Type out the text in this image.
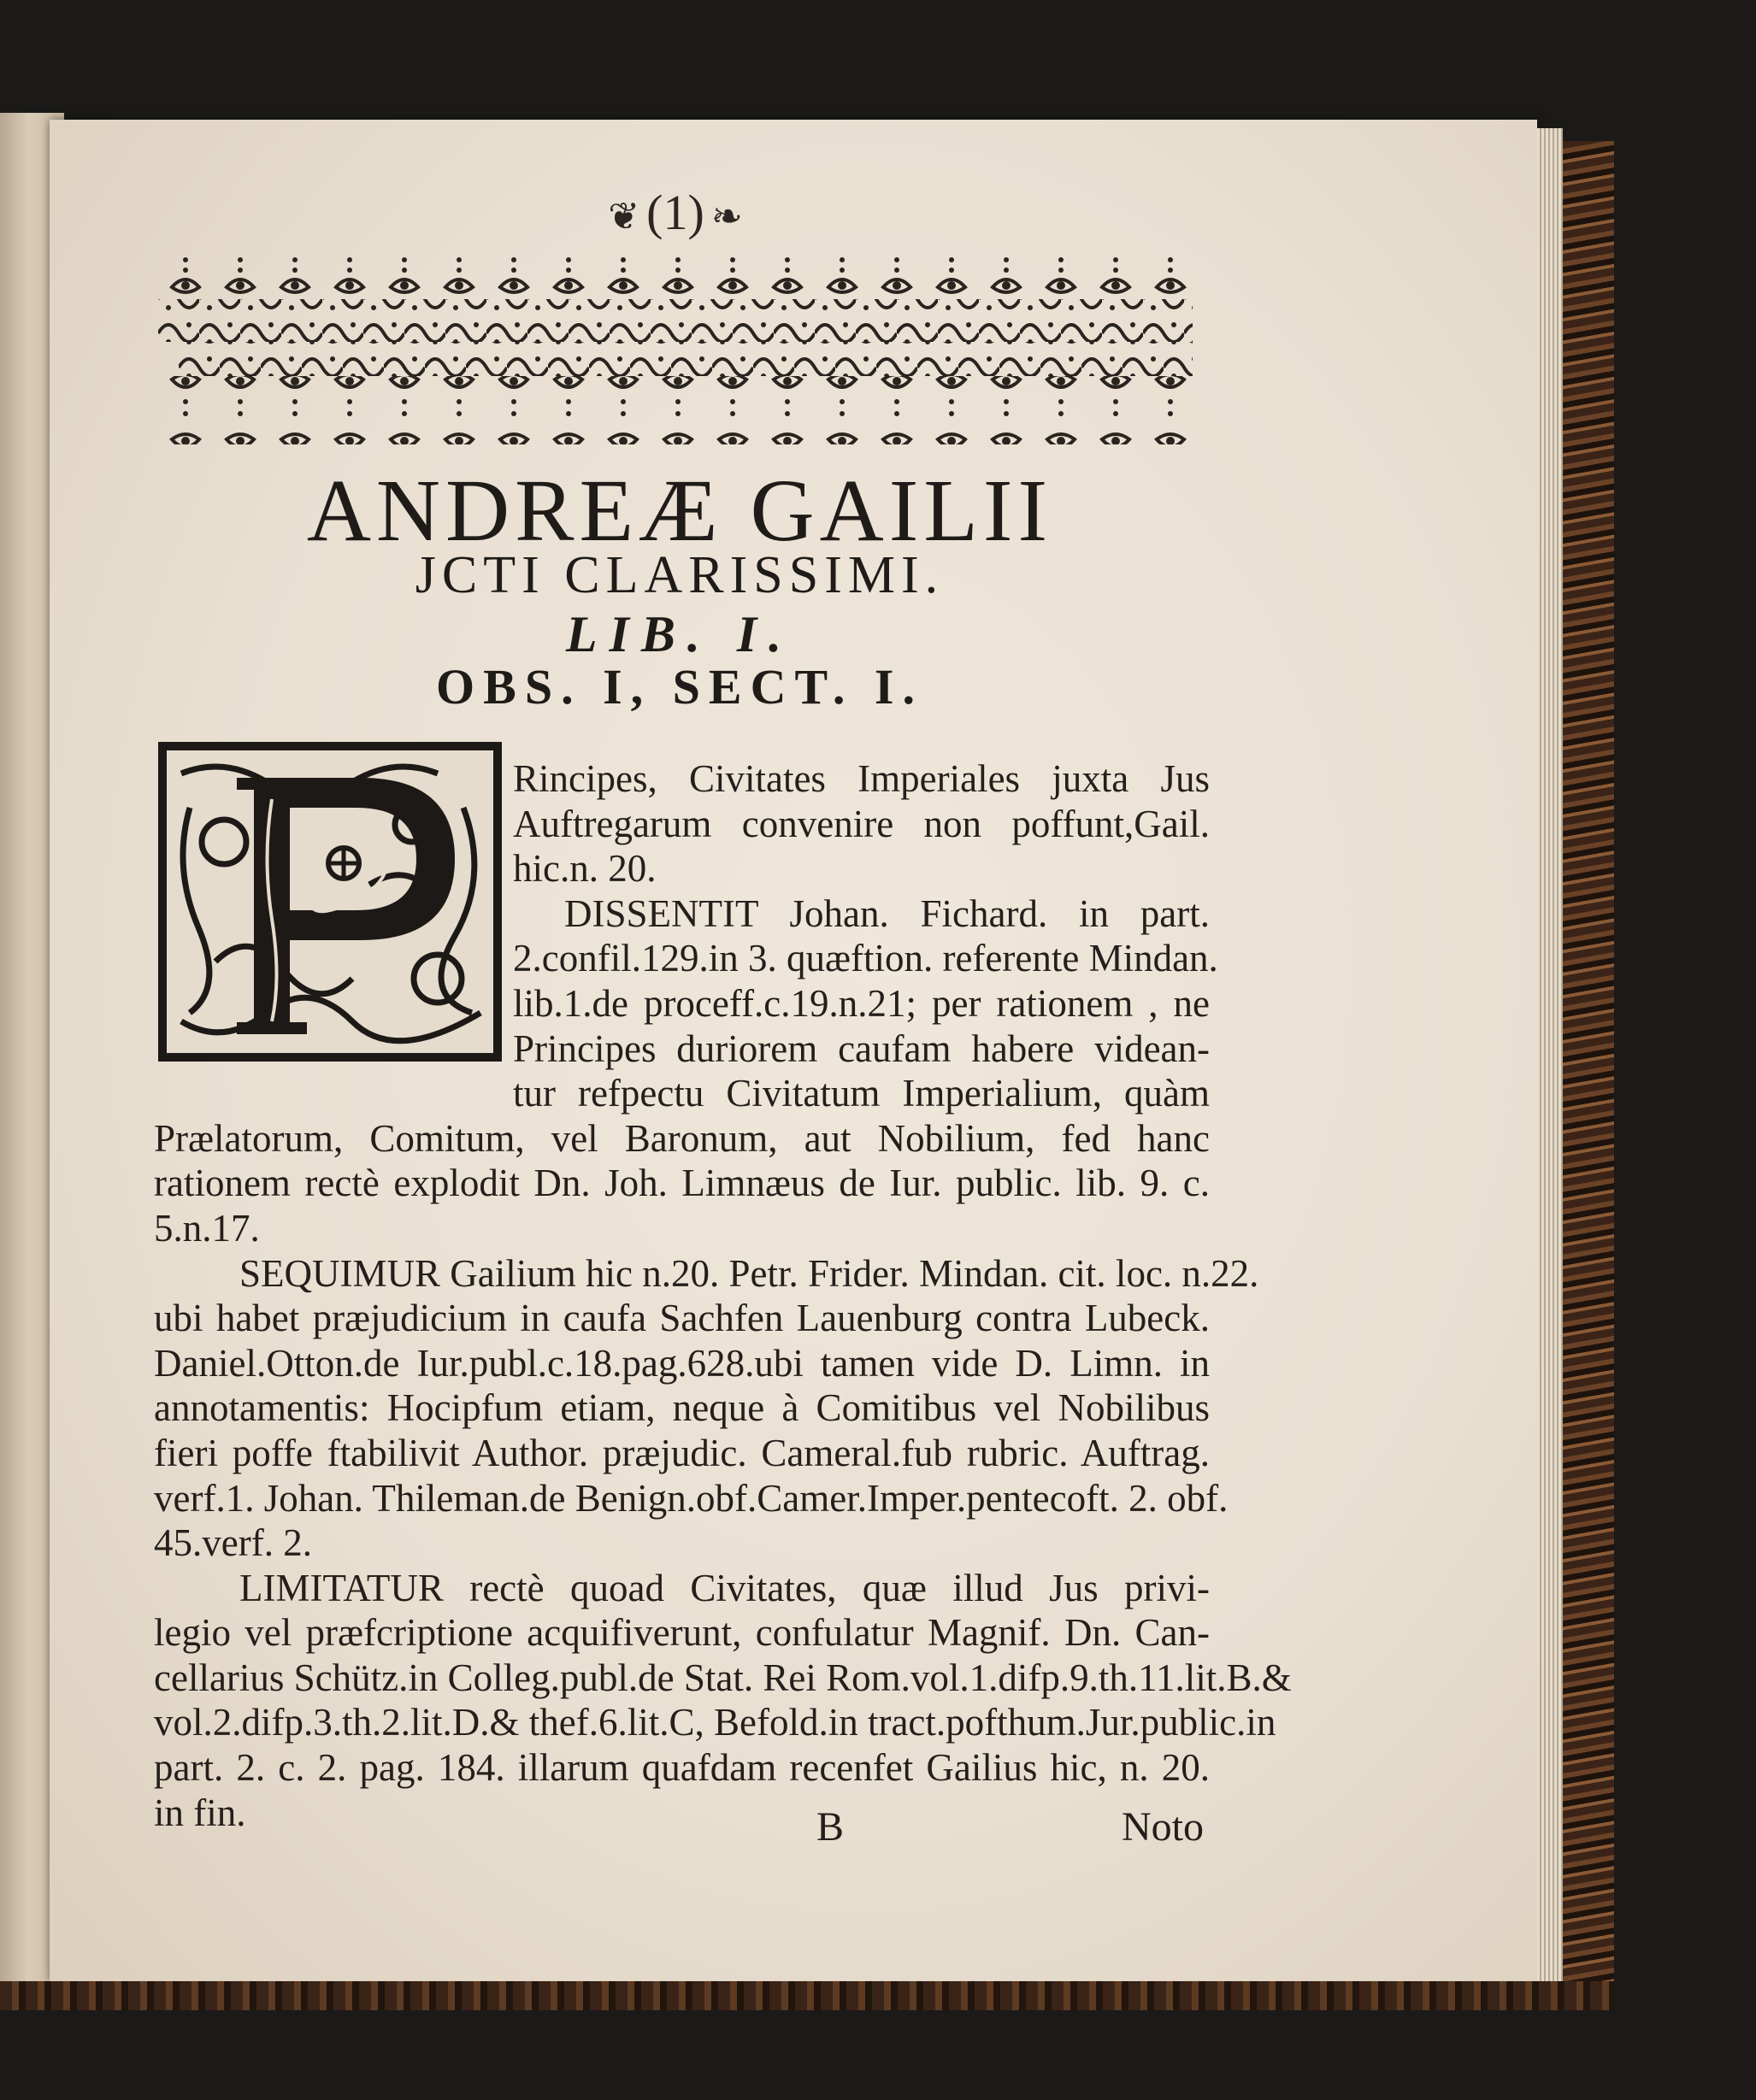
❦ (1) ❧
ANDREÆ GAILII
JCTI CLARISSIMI.
LIB. I.
OBS. I, SECT. I.
Rincipes, Civitates Imperiales juxta Jus
Auftregarum convenire non poffunt,Gail.
hic.n. 20.
DISSENTIT Johan. Fichard. in part.
2.confil.129.in 3. quæftion. referente Mindan.
lib.1.de proceff.c.19.n.21; per rationem , ne
Principes duriorem caufam habere videan-
tur refpectu Civitatum Imperialium, quàm
Prælatorum, Comitum, vel Baronum, aut Nobilium, fed hanc
rationem rectè explodit Dn. Joh. Limnæus de Iur. public. lib. 9. c.
5.n.17.
SEQUIMUR Gailium hic n.20. Petr. Frider. Mindan. cit. loc. n.22.
ubi habet præjudicium in caufa Sachfen Lauenburg contra Lubeck.
Daniel.Otton.de Iur.publ.c.18.pag.628.ubi tamen vide D. Limn. in
annotamentis: Hocipfum etiam, neque à Comitibus vel Nobilibus
fieri poffe ftabilivit Author. præjudic. Cameral.fub rubric. Auftrag.
verf.1. Johan. Thileman.de Benign.obf.Camer.Imper.pentecoft. 2. obf.
45.verf. 2.
LIMITATUR rectè quoad Civitates, quæ illud Jus privi-
legio vel præfcriptione acquifiverunt, confulatur Magnif. Dn. Can-
cellarius Schütz.in Colleg.publ.de Stat. Rei Rom.vol.1.difp.9.th.11.lit.B.&
vol.2.difp.3.th.2.lit.D.& thef.6.lit.C, Befold.in tract.pofthum.Jur.public.in
part. 2. c. 2. pag. 184. illarum quafdam recenfet Gailius hic, n. 20.
in fin.	B	Noto
